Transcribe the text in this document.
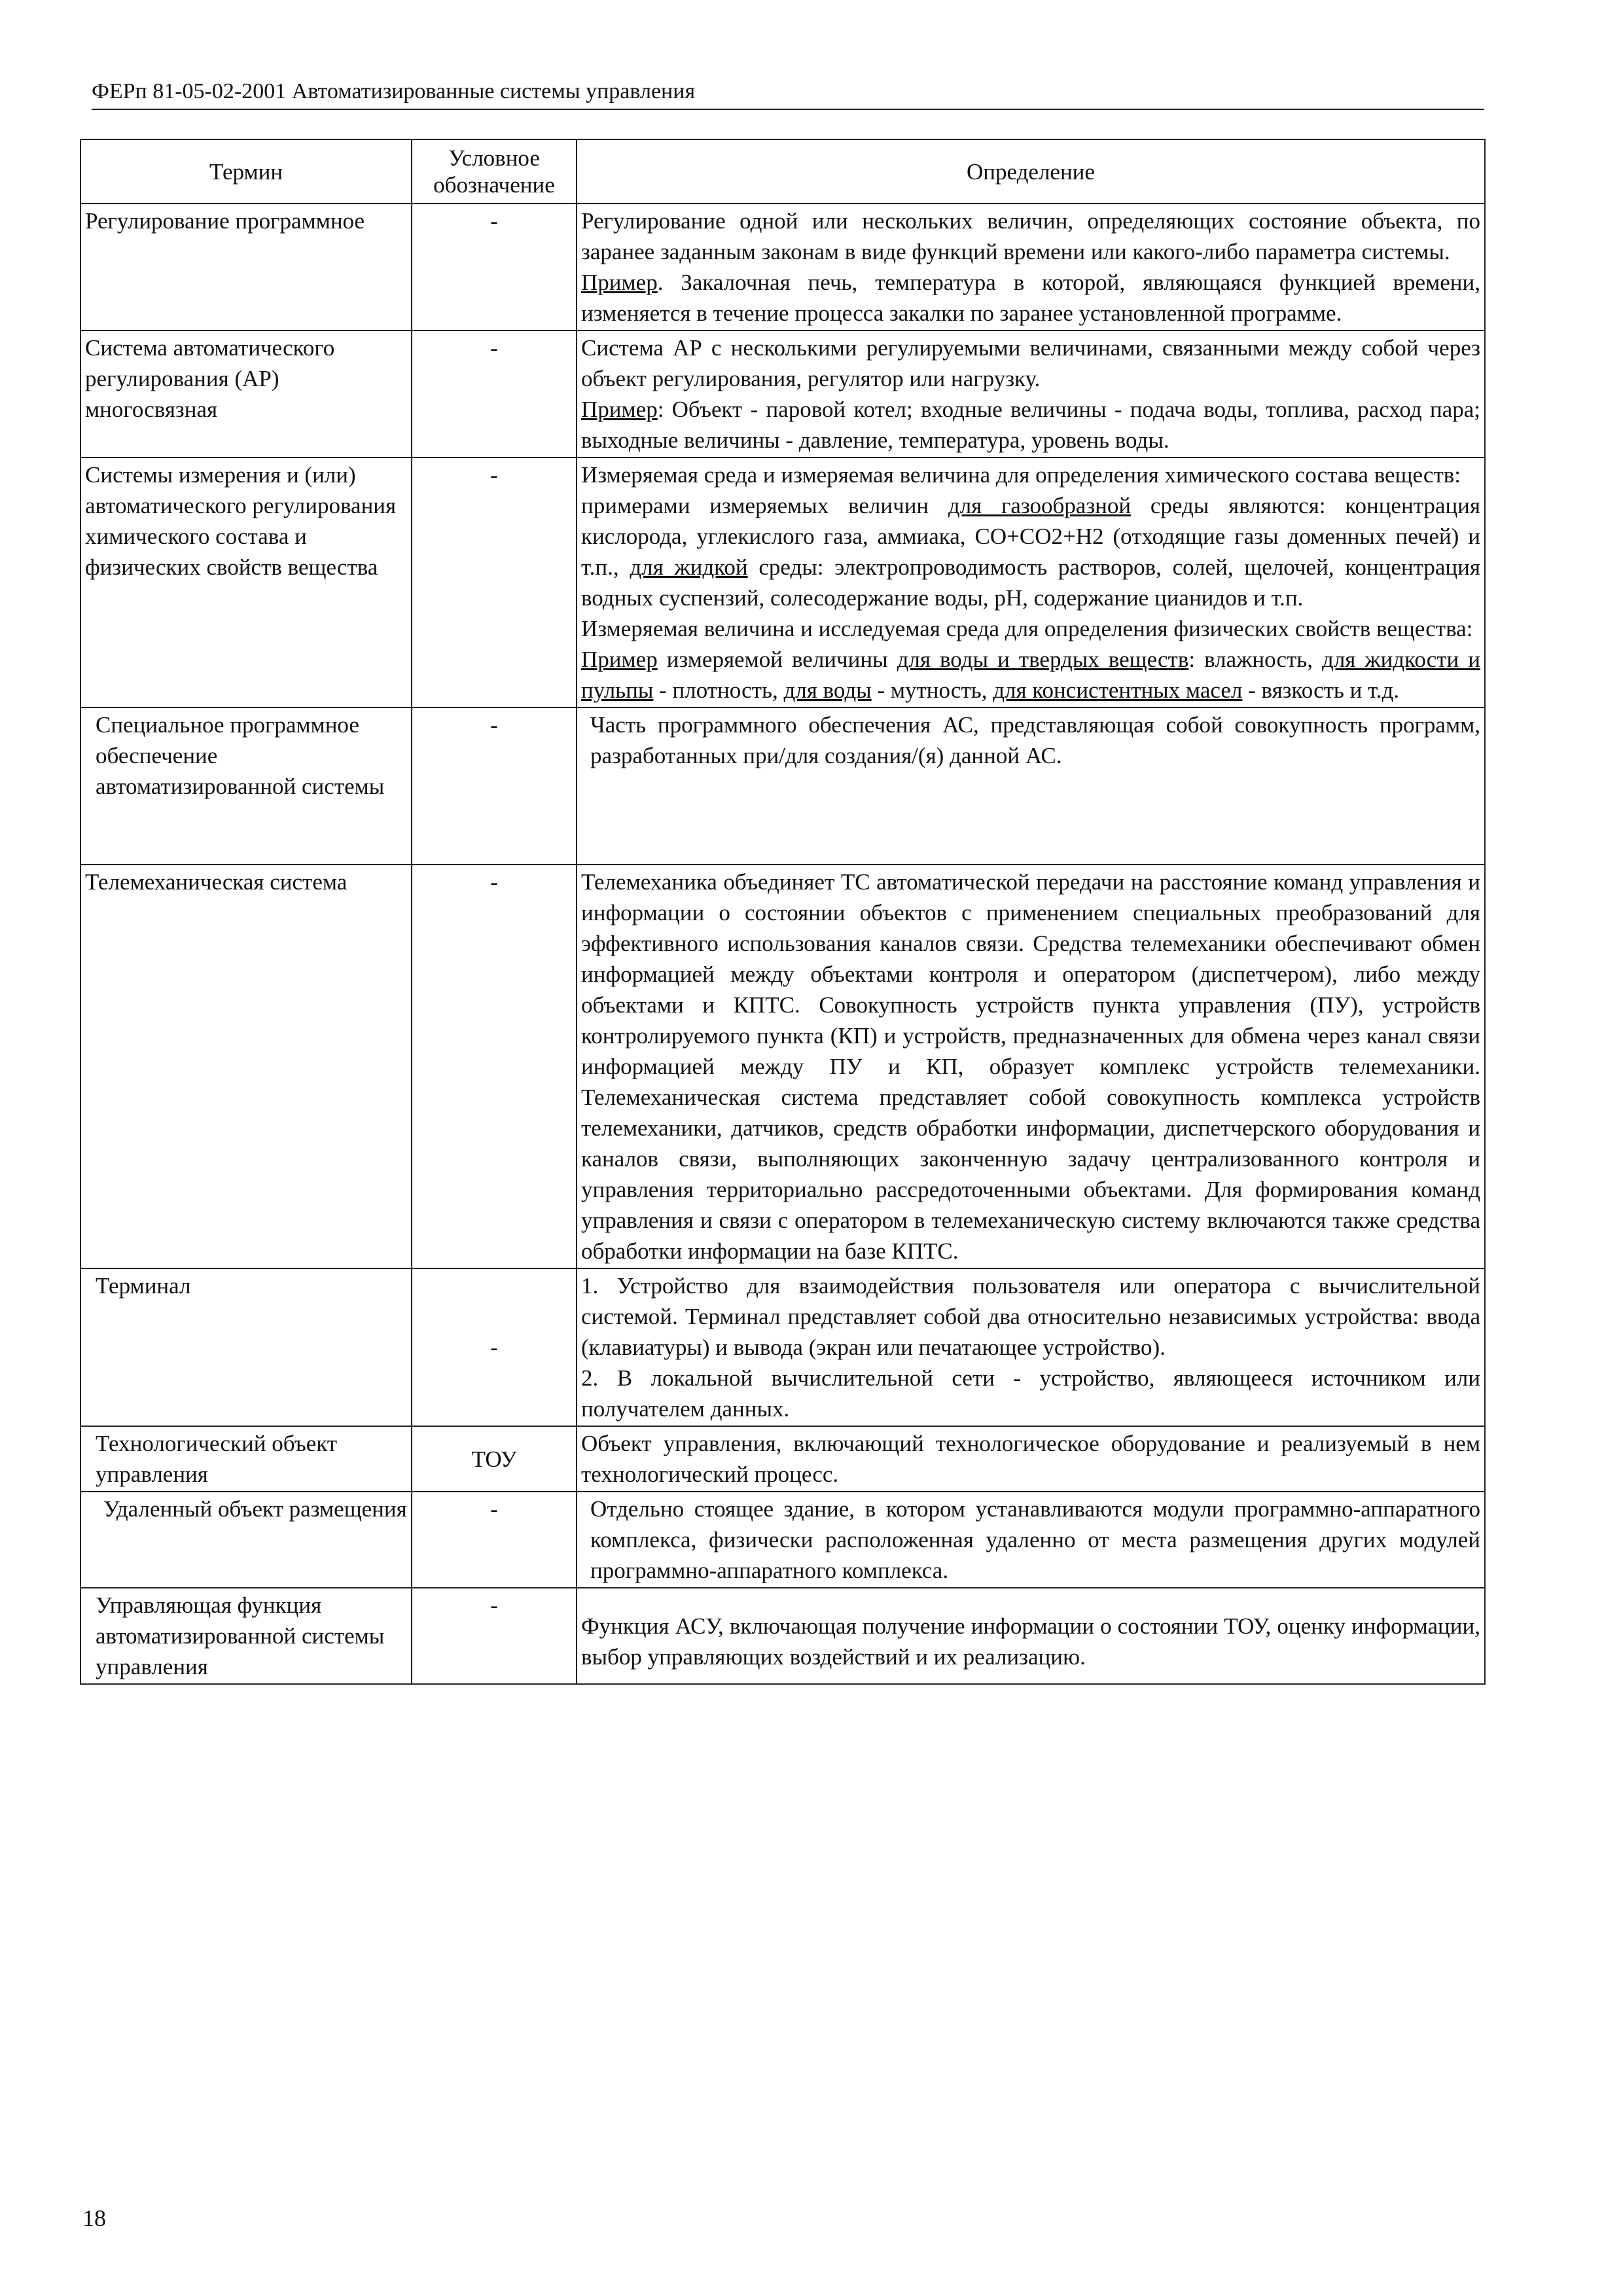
ФЕРп 81-05-02-2001 Автоматизированные системы управления
Термин	Условное обозначение	Определение
Регулирование программное	-	Регулирование одной или нескольких величин, определяющих состояние объекта, по заранее заданным законам в виде функций времени или какого-либо параметра системы.

Пример. Закалочная печь, температура в которой, являющаяся функцией времени, изменяется в течение процесса закалки по заранее установленной программе.

Система автоматического регулирования (АР) многосвязная	-	Система АР с несколькими регулируемыми величинами, связанными между собой через объект регулирования, регулятор или нагрузку.

Пример: Объект - паровой котел; входные величины - подача воды, топлива, расход пара; выходные величины - давление, температура, уровень воды.

Системы измерения и (или) автоматического регулирования химического состава и физических свойств вещества	-	Измеряемая среда и измеряемая величина для определения химического состава веществ:

примерами измеряемых величин для газообразной среды являются: концентрация кислорода, углекислого газа, аммиака, CO+CO2+H2 (отходящие газы доменных печей) и т.п., для жидкой среды: электропроводимость растворов, солей, щелочей, концентрация водных суспензий, солесодержание воды, pH, содержание цианидов и т.п.

Измеряемая величина и исследуемая среда для определения физических свойств вещества:

Пример измеряемой величины для воды и твердых веществ: влажность, для жидкости и пульпы - плотность, для воды - мутность, для консистентных масел - вязкость и т.д.

Специальное программное обеспечение автоматизированной системы	-	Часть программного обеспечения АС, представляющая собой совокупность программ, разработанных при/для создания/(я) данной АС.
Телемеханическая система	-	Телемеханика объединяет ТС автоматической передачи на расстояние команд управления и информации о состоянии объектов с применением специальных преобразований для эффективного использования каналов связи. Средства телемеханики обеспечивают обмен информацией между объектами контроля и оператором (диспетчером), либо между объектами и КПТС. Совокупность устройств пункта управления (ПУ), устройств контролируемого пункта (КП) и устройств, предназначенных для обмена через канал связи информацией между ПУ и КП, образует комплекс устройств телемеханики. Телемеханическая система представляет собой совокупность комплекса устройств телемеханики, датчиков, средств обработки информации, диспетчерского оборудования и каналов связи, выполняющих законченную задачу централизованного контроля и управления территориально рассредоточенными объектами. Для формирования команд управления и связи с оператором в телемеханическую систему включаются также средства обработки информации на базе КПТС.
Терминал	-	1. Устройство для взаимодействия пользователя или оператора с вычислительной системой. Терминал представляет собой два относительно независимых устройства: ввода (клавиатуры) и вывода (экран или печатающее устройство).

2. В локальной вычислительной сети - устройство, являющееся источником или получателем данных.

Технологический объект управления	ТОУ	Объект управления, включающий технологическое оборудование и реализуемый в нем технологический процесс.
Удаленный объект размещения	-	Отдельно стоящее здание, в котором устанавливаются модули программно-аппаратного комплекса, физически расположенная удаленно от места размещения других модулей программно-аппаратного комплекса.
Управляющая функция автоматизированной системы управления	-	Функция АСУ, включающая получение информации о состоянии ТОУ, оценку информации, выбор управляющих воздействий и их реализацию.
18
